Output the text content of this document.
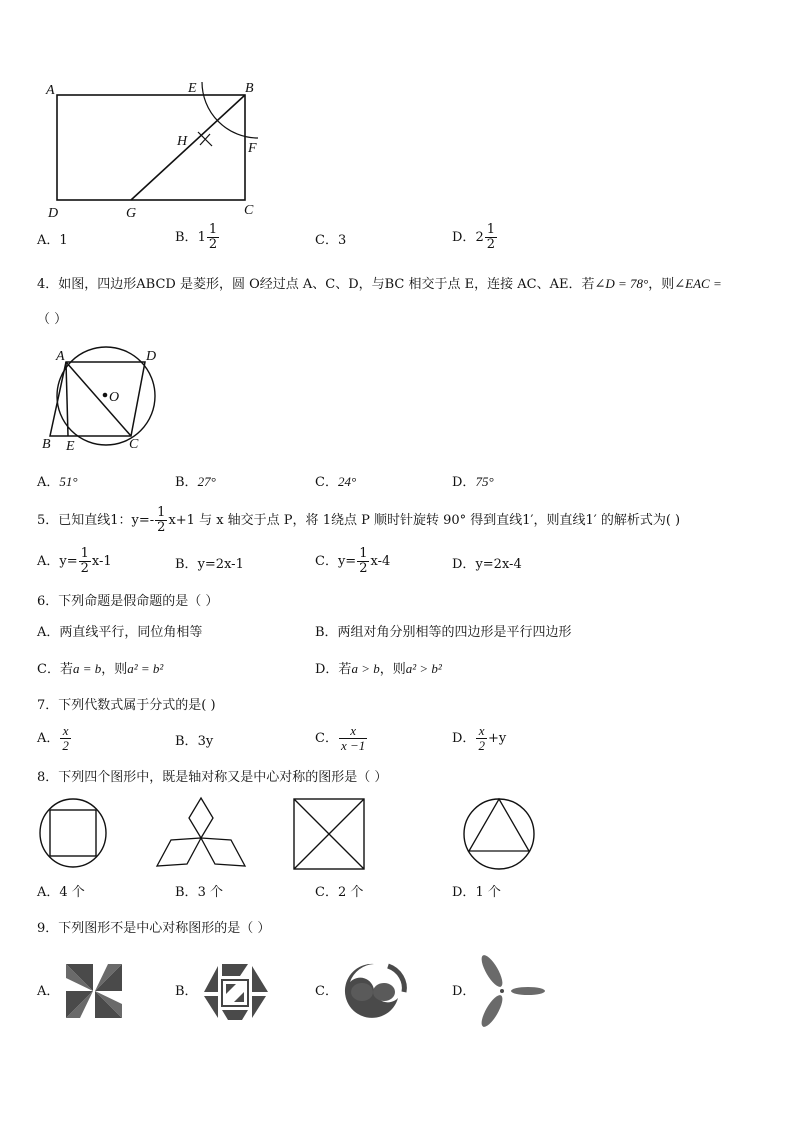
A	E	B
H	F
D	G	C
A．1	B．$1 \frac{1}{2}$	C．3	D．$2 \frac{1}{2}$
4．如图，四边形ABCD 是菱形，圆 O经过点 A、C、D，与BC 相交于点 E，连接 AC、AE．若∠D = 78°，则∠EAC =
（ ）
A	D
O
B E	C
A．51°	B．27°	C．24°	D．75°
5．已知直线1：$y=- \frac{1}{2} x+1$ 与 x 轴交于点 P，将 1绕点 P 顺时针旋转 90° 得到直线1′，则直线1′ 的解析式为( )
A．$y= \frac{1}{2} x-1$	B．y=2x-1	C．$y= \frac{1}{2} x-4$	D．y=2x-4
6．下列命题是假命题的是（ ）
A．两直线平行，同位角相等	B．两组对角分别相等的四边形是平行四边形
C．若a = b，则a² = b²	D．若a > b，则a² > b²
7．下列代数式属于分式的是( )
A． $\frac{x}{2}$	B．3y	C． $\frac{x}{x -1}$	D． $\frac{x}{2} +y$
8．下列四个图形中，既是轴对称又是中心对称的图形是（ ）
A．4 个	B．3 个	C．2 个	D．1 个
9．下列图形不是中心对称图形的是（ ）
A．	B．	C．	D．
